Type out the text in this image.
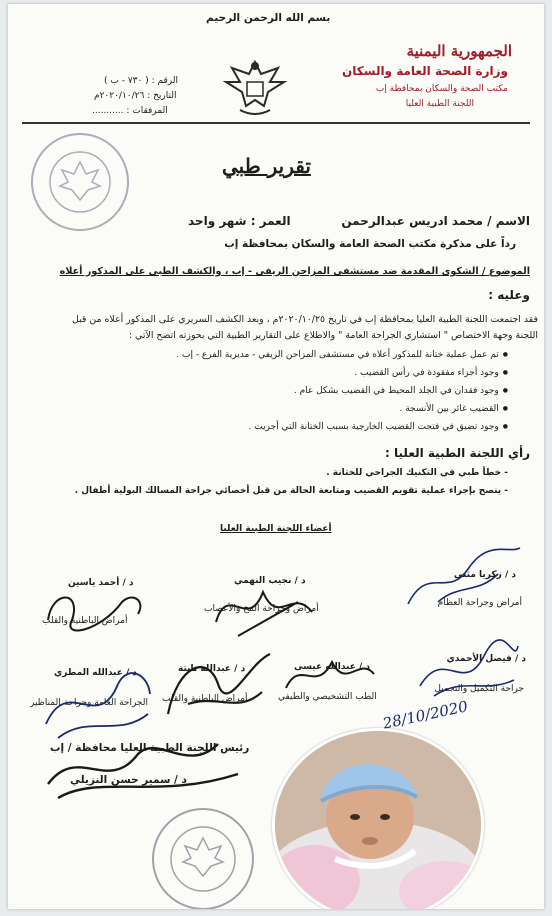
بسم الله الرحمن الرحيم
الجمهورية اليمنية
وزارة الصحة العامة والسكان
مكتب الصحة والسكان بمحافظة إب
اللجنة الطبية العليا
الرقم : ( ٧٣٠ - ب )
التاريخ : ٢٠٢٠/١٠/٢٦م
المرفقات : ...........
تقرير طبي
الاسم / محمد ادريس عبدالرحمن
العمر : شهر واحد
رداً على مذكرة مكتب الصحة العامة والسكان بمحافظة إب
الموضوع / الشكوى المقدمة ضد مستشفى المزاحن الريفي - إب ، والكشف الطبي على المذكور أعلاه
وعليه :
فقد اجتمعت اللجنة الطبية العليا بمحافظة إب في تاريخ ٢٠٢٠/١٠/٢٥م ، وبعد الكشف السريري على المذكور أعلاه من قبل
اللجنة وجهة الاختصاص " استشاري الجراحة العامة " والاطلاع على التقارير الطبية التي بحوزته اتضح الآتي :
● تم عمل عملية ختانة للمذكور أعلاه في مستشفى المزاحن الريفي - مديرية الفرع - إب .
● وجود أجزاء مفقودة في رأس القضيب .
● وجود فقدان في الجلد المحيط في القضيب بشكل عام .
● القضيب غائر بين الأنسجة .
● وجود تضيق في فتحت القضيب الخارجية بسبب الختانة التي أجريت .
رأي اللجنة الطبية العليا :
- خطأ طبي في التكنيك الجراحي للختانة .
- ينصح بإجراء عملية تقويم القضيب ومتابعة الحالة من قبل أخصائي جراحة المسالك البولية أطفال .
أعضاء اللجنة الطبية العليا
د / زكريا مثنى
أمراض وجراحة العظام
د / نجيب النهمي
أمراض وجراحة المخ والأعصاب
د / أحمد ياسين
أمراض الباطنية والقلب
د / فيصل الأحمدي
جراحة التكميل والتجميل
د / عبدالله عيسى
الطب التشخيصي والطيفي
د / عبدالله نابتة
أمراض الباطنية والقلب
د / عبدالله المطري
الجراحة العامة وجراحة المناظير
رئيس اللجنة الطبية العليا محافظة / إب
د / سمير حسن النزيلي
28/10/2020
